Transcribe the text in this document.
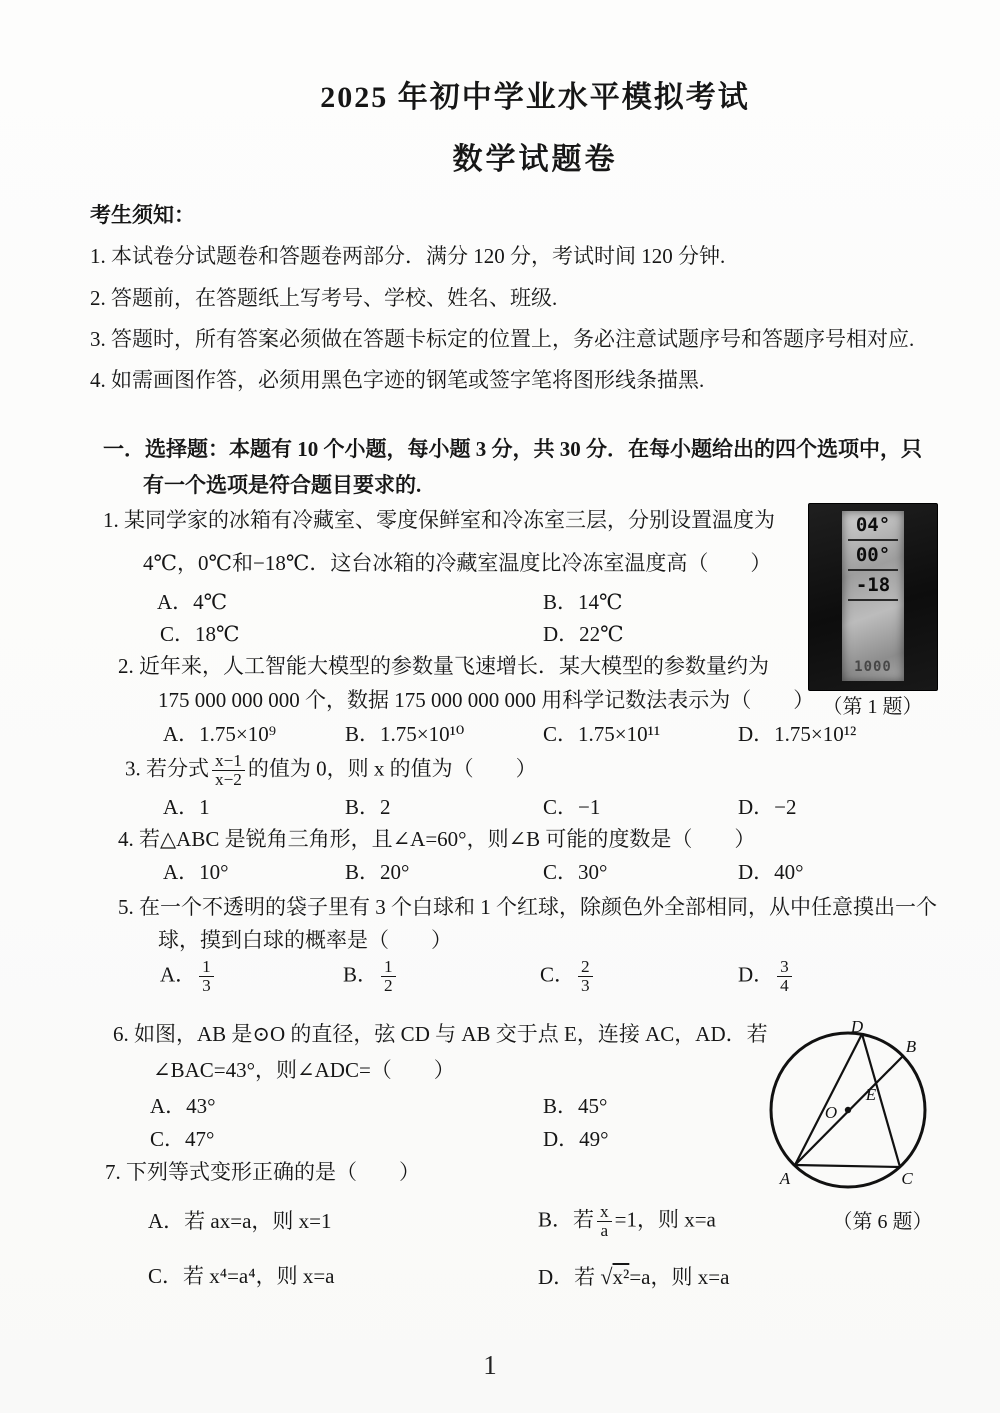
2025 年初中学业水平模拟考试
数学试题卷
考生须知：
1. 本试卷分试题卷和答题卷两部分．满分 120 分，考试时间 120 分钟.
2. 答题前，在答题纸上写考号、学校、姓名、班级.
3. 答题时，所有答案必须做在答题卡标定的位置上，务必注意试题序号和答题序号相对应.
4. 如需画图作答，必须用黑色字迹的钢笔或签字笔将图形线条描黑.
一．选择题：本题有 10 个小题，每小题 3 分，共 30 分．在每小题给出的四个选项中，只
有一个选项是符合题目要求的.
1. 某同学家的冰箱有冷藏室、零度保鲜室和冷冻室三层，分别设置温度为
4℃，0℃和−18℃．这台冰箱的冷藏室温度比冷冻室温度高（　　）
A．4℃	B．14℃
C．18℃	D．22℃
04°
00°
-18
1000
（第 1 题）
2. 近年来，人工智能大模型的参数量飞速增长．某大模型的参数量约为
175 000 000 000 个，数据 175 000 000 000 用科学记数法表示为（　　）
A．1.75×10⁹	B．1.75×10¹⁰	C．1.75×10¹¹	D．1.75×10¹²
3. 若分式 $\frac{x-1}{x-2}$ 的值为 0，则 x 的值为（　　）
A．1	B．2	C．−1	D．−2
4. 若△ABC 是锐角三角形，且∠A=60°，则∠B 可能的度数是（　　）
A．10°	B．20°	C．30°	D．40°
5. 在一个不透明的袋子里有 3 个白球和 1 个红球，除颜色外全部相同，从中任意摸出一个
球，摸到白球的概率是（　　）
A． $\frac{1}{3}$	B． $\frac{1}{2}$	C． $\frac{2}{3}$	D． $\frac{3}{4}$
6. 如图，AB 是⊙O 的直径，弦 CD 与 AB 交于点 E，连接 AC，AD．若
∠BAC=43°，则∠ADC=（　　）
A．43°	B．45°
C．47°	D．49°
D
B
A	C
O
E
（第 6 题）
7. 下列等式变形正确的是（　　）
A．若 ax=a，则 x=1	B．若 $\frac{x}{a} =1$，则 x=a
C．若 x⁴=a⁴，则 x=a	D．若 √x²=a，则 x=a
1
